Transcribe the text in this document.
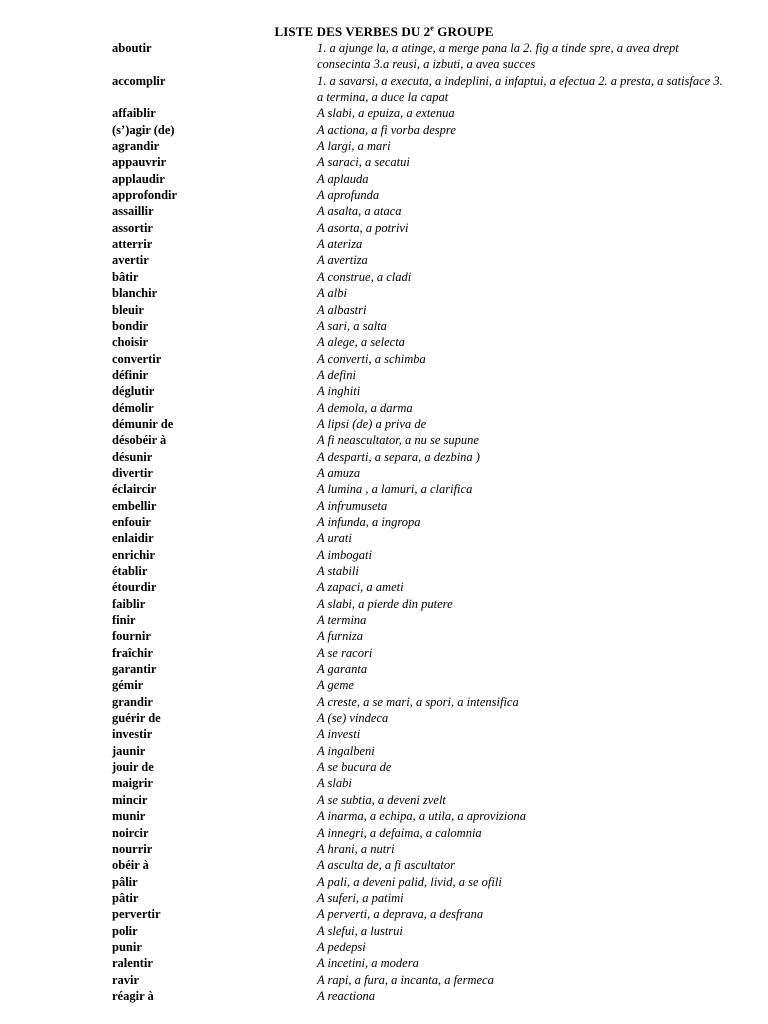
LISTE DES VERBES DU 2e GROUPE
aboutir	1. a ajunge la, a atinge, a merge pana la 2. fig a tinde spre, a avea drept consecinta 3.a reusi, a izbuti, a avea succes
accomplir	1. a savarsi, a executa, a indeplini, a infaptui, a efectua 2. a presta, a satisface 3. a termina, a duce la capat
affaiblir	A slabi, a epuiza, a extenua
(s’)agir (de)	A actiona, a fi vorba despre
agrandir	A largi, a mari
appauvrir	A saraci, a secatui
applaudir	A aplauda
approfondir	A aprofunda
assaillir	A asalta, a ataca
assortir	A asorta, a potrivi
atterrir	A ateriza
avertir	A avertiza
bâtir	A construe, a cladi
blanchir	A albi
bleuir	A albastri
bondir	A sari, a salta
choisir	A alege, a selecta
convertir	A converti, a schimba
définir	A defini
déglutir	A inghiti
démolir	A demola, a darma
démunir de	A lipsi (de) a priva de
désobéir à	A fi neascultator, a nu se supune
désunir	A desparti, a separa, a dezbina )
divertir	A amuza
éclaircir	A lumina , a lamuri, a clarifica
embellir	A infrumuseta
enfouir	A infunda, a ingropa
enlaidir	A urati
enrichir	A imbogati
établir	A stabili
étourdir	A zapaci, a ameti
faiblir	A slabi, a pierde din putere
finir	A termina
fournir	A furniza
fraîchir	A se racori
garantir	A garanta
gémir	A geme
grandir	A creste, a se mari, a spori, a intensifica
guérir de	A (se) vindeca
investir	A investi
jaunir	A ingalbeni
jouir de	A se bucura de
maigrir	A slabi
mincir	A se subtia, a deveni zvelt
munir	A inarma, a echipa, a utila, a aproviziona
noircir	A innegri, a defaima, a calomnia
nourrir	A hrani, a nutri
obéir à	A asculta de, a fi ascultator
pâlir	A pali, a deveni palid, livid, a se ofili
pâtir	A suferi, a patimi
pervertir	A perverti, a deprava, a desfrana
polir	A slefui, a lustrui
punir	A pedepsi
ralentir	A incetini, a modera
ravir	A rapi, a fura, a incanta, a fermeca
réagir à	A reactiona
